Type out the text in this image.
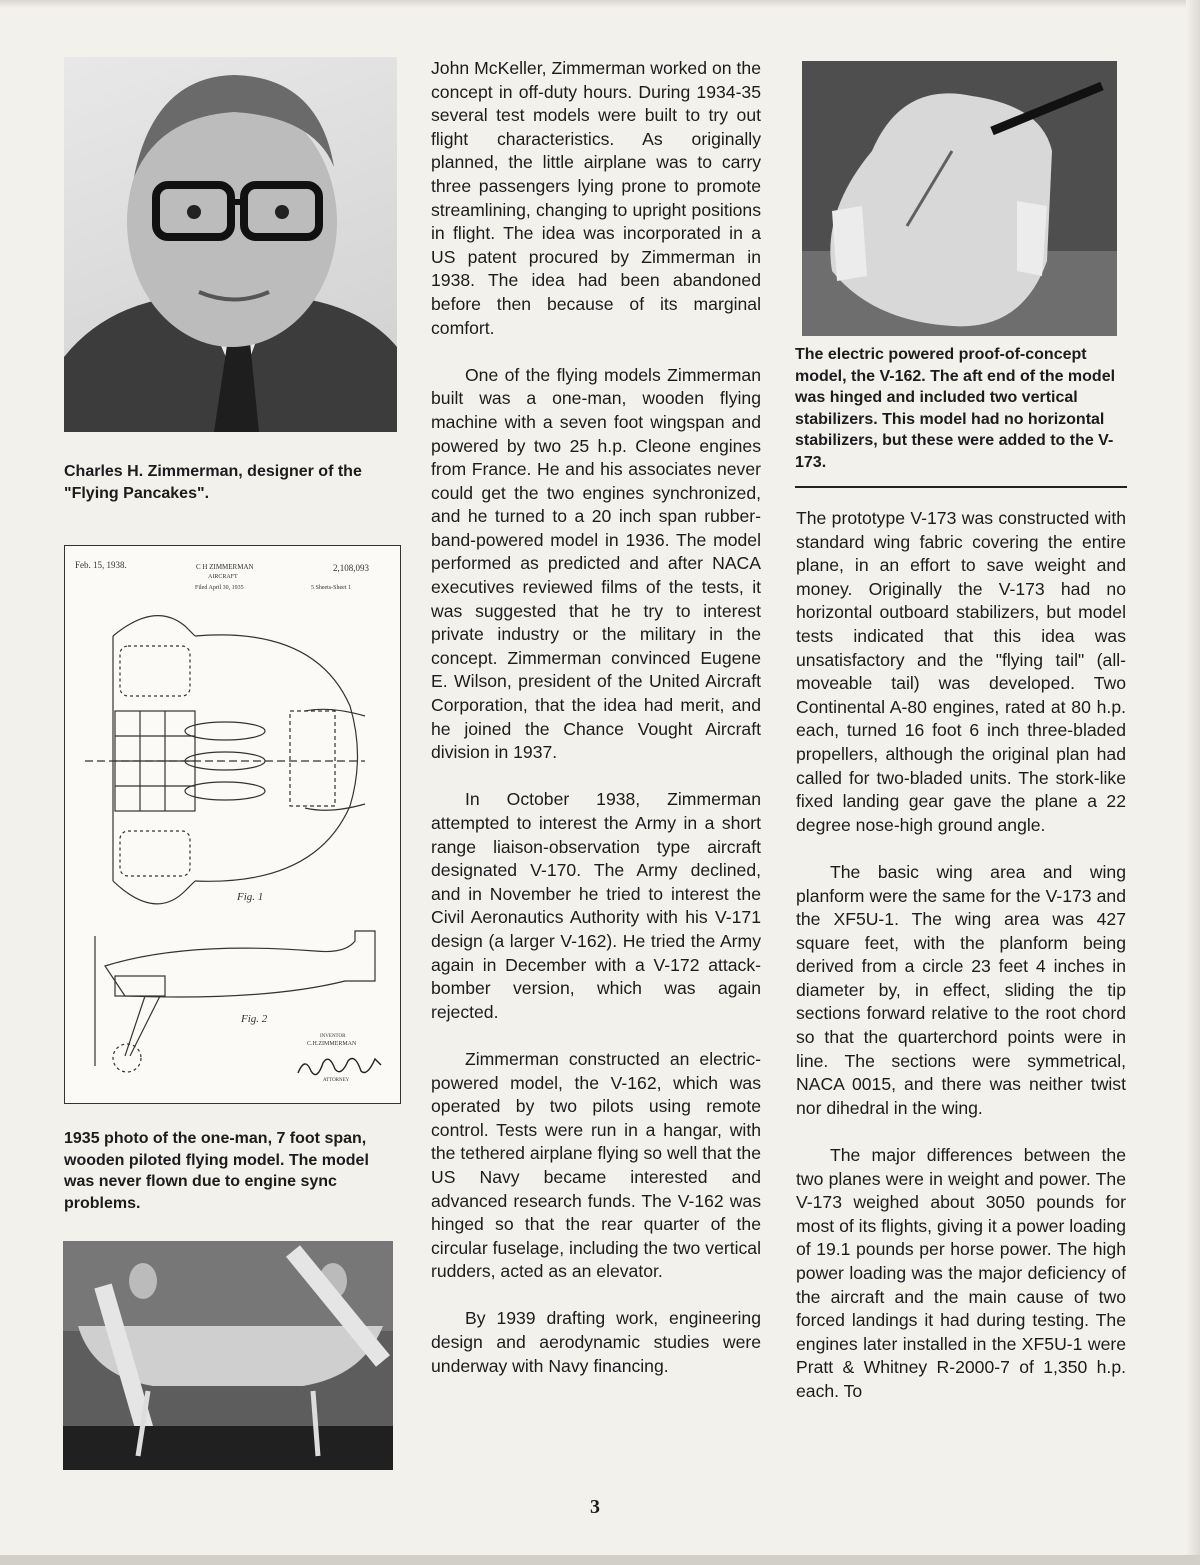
Charles H. Zimmerman, designer of the "Flying Pancakes".
Feb. 15, 1938.	C H ZIMMERMAN
AIRCRAFT
Filed April 30, 1935
2,108,093
5 Sheets-Sheet 1
Fig. 1
Fig. 2
INVENTOR
C.H.ZIMMERMAN
ATTORNEY
1935 photo of the one-man, 7 foot span, wooden piloted flying model. The model was never flown due to engine sync problems.
The electric powered proof-of-concept model, the V-162. The aft end of the model was hinged and included two vertical stabilizers. This model had no horizontal stabilizers, but these were added to the V-173.

John McKeller, Zimmerman worked on the concept in off-duty hours. During 1934-35 several test models were built to try out flight characteristics. As originally planned, the little airplane was to carry three passengers lying prone to promote streamlining, changing to upright positions in flight. The idea was incorporated in a US patent procured by Zimmerman in 1938. The idea had been abandoned before then because of its marginal comfort.

One of the flying models Zimmerman built was a one-man, wooden flying machine with a seven foot wingspan and powered by two 25 h.p. Cleone engines from France. He and his associates never could get the two engines synchronized, and he turned to a 20 inch span rubber-band-powered model in 1936. The model performed as predicted and after NACA executives reviewed films of the tests, it was suggested that he try to interest private industry or the military in the concept. Zimmerman convinced Eugene E. Wilson, president of the United Aircraft Corporation, that the idea had merit, and he joined the Chance Vought Aircraft division in 1937.

In October 1938, Zimmerman attempted to interest the Army in a short range liaison-observation type aircraft designated V-170. The Army declined, and in November he tried to interest the Civil Aeronautics Authority with his V-171 design (a larger V-162). He tried the Army again in December with a V-172 attack-bomber version, which was again rejected.

Zimmerman constructed an electric-powered model, the V-162, which was operated by two pilots using remote control. Tests were run in a hangar, with the tethered airplane flying so well that the US Navy became interested and advanced research funds. The V-162 was hinged so that the rear quarter of the circular fuselage, including the two vertical rudders, acted as an elevator.

By 1939 drafting work, engineering design and aerodynamic studies were underway with Navy financing.

The prototype V-173 was constructed with standard wing fabric covering the entire plane, in an effort to save weight and money. Originally the V-173 had no horizontal outboard stabilizers, but model tests indicated that this idea was unsatisfactory and the "flying tail" (all-moveable tail) was developed. Two Continental A-80 engines, rated at 80 h.p. each, turned 16 foot 6 inch three-bladed propellers, although the original plan had called for two-bladed units. The stork-like fixed landing gear gave the plane a 22 degree nose-high ground angle.

The basic wing area and wing planform were the same for the V-173 and the XF5U-1. The wing area was 427 square feet, with the planform being derived from a circle 23 feet 4 inches in diameter by, in effect, sliding the tip sections forward relative to the root chord so that the quarterchord points were in line. The sections were symmetrical, NACA 0015, and there was neither twist nor dihedral in the wing.

The major differences between the two planes were in weight and power. The V-173 weighed about 3050 pounds for most of its flights, giving it a power loading of 19.1 pounds per horse power. The high power loading was the major deficiency of the aircraft and the main cause of two forced landings it had during testing. The engines later installed in the XF5U-1 were Pratt & Whitney R-2000-7 of 1,350 h.p. each. To

3
